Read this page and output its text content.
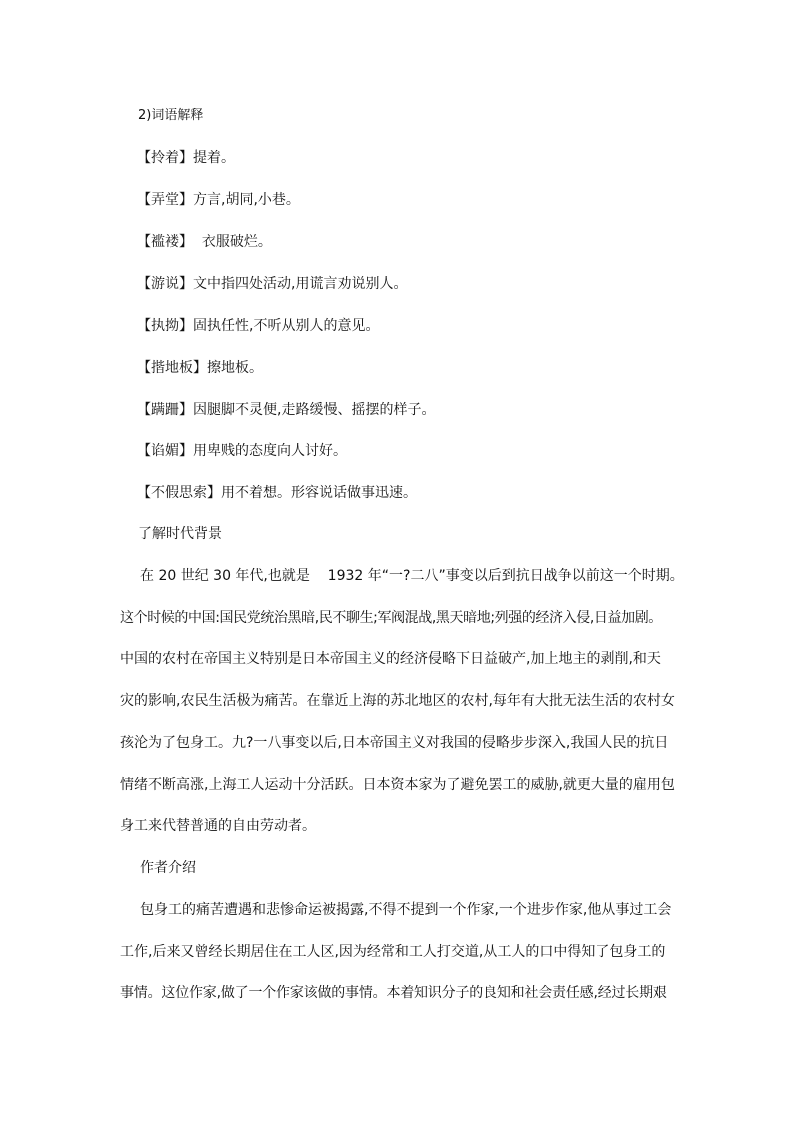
2)词语解释
【拎着】提着。
【弄堂】方言,胡同,小巷。
【褴褛】  衣服破烂。
【游说】文中指四处活动,用谎言劝说别人。
【执拗】固执任性,不听从别人的意见。
【揩地板】擦地板。
【蹒跚】因腿脚不灵便,走路缓慢、摇摆的样子。
【谄媚】用卑贱的态度向人讨好。
【不假思索】用不着想。形容说话做事迅速。
了解时代背景
在 20 世纪 30 年代,也就是    1932 年“一?二八”事变以后到抗日战争以前这一个时期。
这个时候的中国:国民党统治黑暗,民不聊生;军阀混战,黑天暗地;列强的经济入侵,日益加剧。
中国的农村在帝国主义特别是日本帝国主义的经济侵略下日益破产,加上地主的剥削,和天
灾的影响,农民生活极为痛苦。在靠近上海的苏北地区的农村,每年有大批无法生活的农村女
孩沦为了包身工。九?一八事变以后,日本帝国主义对我国的侵略步步深入,我国人民的抗日
情绪不断高涨,上海工人运动十分活跃。日本资本家为了避免罢工的威胁,就更大量的雇用包
身工来代替普通的自由劳动者。
作者介绍
包身工的痛苦遭遇和悲惨命运被揭露,不得不提到一个作家,一个进步作家,他从事过工会
工作,后来又曾经长期居住在工人区,因为经常和工人打交道,从工人的口中得知了包身工的
事情。这位作家,做了一个作家该做的事情。本着知识分子的良知和社会责任感,经过长期艰
